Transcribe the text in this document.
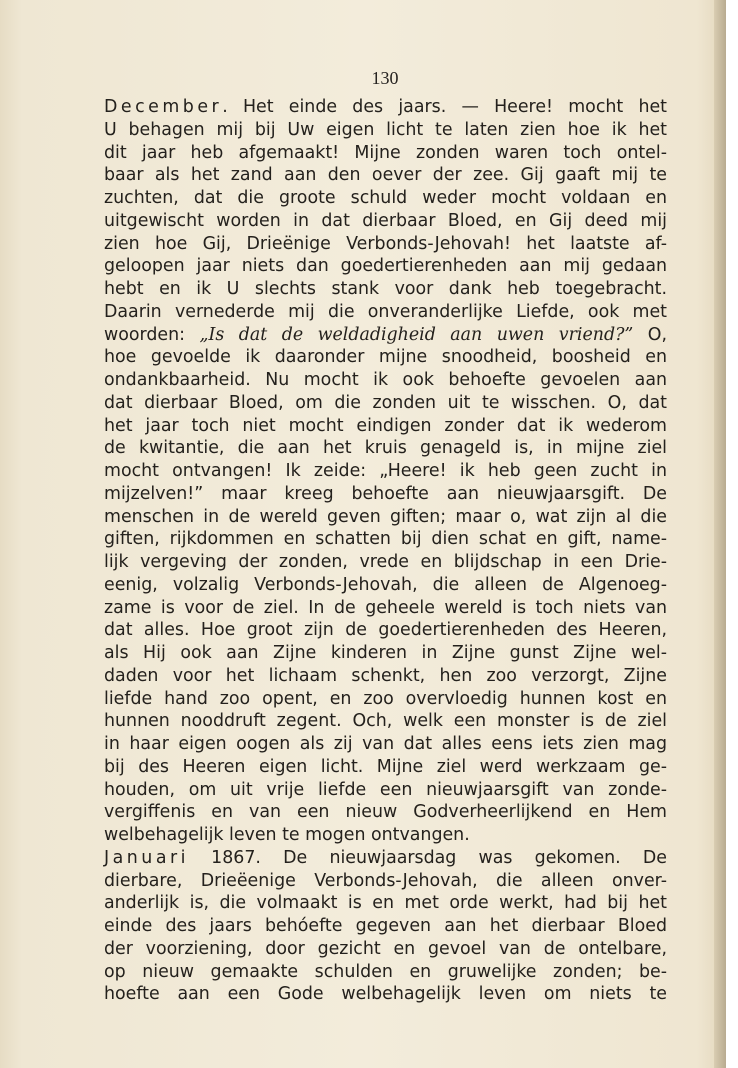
130
December. Het einde des jaars. — Heere! mocht het
U behagen mij bij Uw eigen licht te laten zien hoe ik het
dit jaar heb afgemaakt! Mijne zonden waren toch ontel-
baar als het zand aan den oever der zee. Gij gaaft mij te
zuchten, dat die groote schuld weder mocht voldaan en
uitgewischt worden in dat dierbaar Bloed, en Gij deed mij
zien hoe Gij, Drieënige Verbonds-Jehovah! het laatste af-
geloopen jaar niets dan goedertierenheden aan mij gedaan
hebt en ik U slechts stank voor dank heb toegebracht.
Daarin vernederde mij die onveranderlijke Liefde, ook met
woorden: „Is dat de weldadigheid aan uwen vriend?” O,
hoe gevoelde ik daaronder mijne snoodheid, boosheid en
ondankbaarheid. Nu mocht ik ook behoefte gevoelen aan
dat dierbaar Bloed, om die zonden uit te wisschen. O, dat
het jaar toch niet mocht eindigen zonder dat ik wederom
de kwitantie, die aan het kruis genageld is, in mijne ziel
mocht ontvangen! Ik zeide: „Heere! ik heb geen zucht in
mijzelven!” maar kreeg behoefte aan nieuwjaarsgift. De
menschen in de wereld geven giften; maar o, wat zijn al die
giften, rijkdommen en schatten bij dien schat en gift, name-
lijk vergeving der zonden, vrede en blijdschap in een Drie-
eenig, volzalig Verbonds-Jehovah, die alleen de Algenoeg-
zame is voor de ziel. In de geheele wereld is toch niets van
dat alles. Hoe groot zijn de goedertierenheden des Heeren,
als Hij ook aan Zijne kinderen in Zijne gunst Zijne wel-
daden voor het lichaam schenkt, hen zoo verzorgt, Zijne
liefde hand zoo opent, en zoo overvloedig hunnen kost en
hunnen nooddruft zegent. Och, welk een monster is de ziel
in haar eigen oogen als zij van dat alles eens iets zien mag
bij des Heeren eigen licht. Mijne ziel werd werkzaam ge-
houden, om uit vrije liefde een nieuwjaarsgift van zonde-
vergiffenis en van een nieuw Godverheerlijkend en Hem
welbehagelijk leven te mogen ontvangen.
Januari 1867. De nieuwjaarsdag was gekomen. De
dierbare, Drieëenige Verbonds-Jehovah, die alleen onver-
anderlijk is, die volmaakt is en met orde werkt, had bij het
einde des jaars behóefte gegeven aan het dierbaar Bloed
der voorziening, door gezicht en gevoel van de ontelbare,
op nieuw gemaakte schulden en gruwelijke zonden; be-
hoefte aan een Gode welbehagelijk leven om niets te
